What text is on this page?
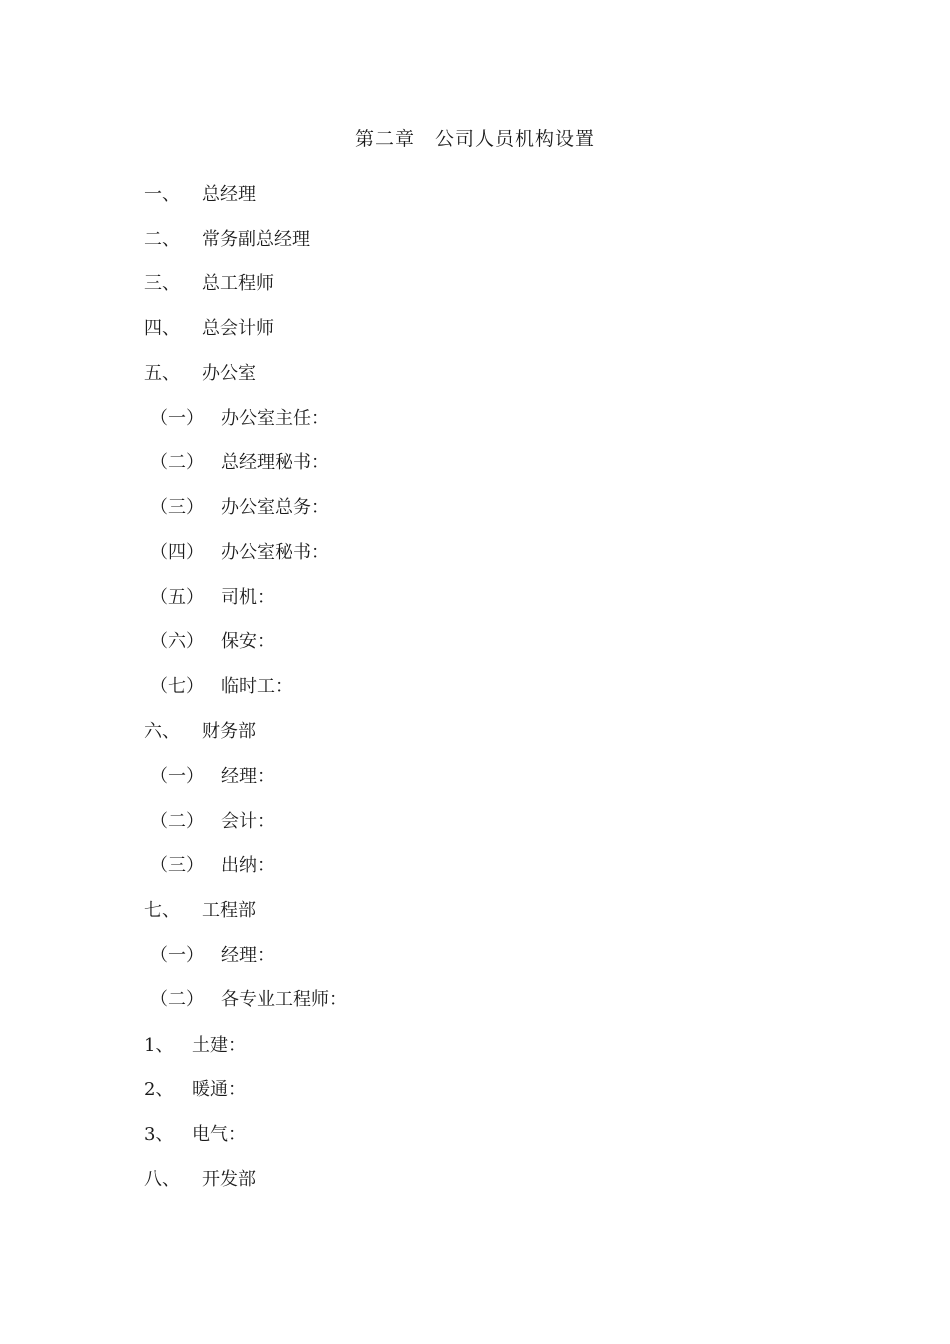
第二章　公司人员机构设置
一、 总经理
二、 常务副总经理
三、 总工程师
四、 总会计师
五、 办公室
（一） 办公室主任：
（二） 总经理秘书：
（三） 办公室总务：
（四） 办公室秘书：
（五） 司机：
（六） 保安：
（七） 临时工：
六、 财务部
（一） 经理：
（二） 会计：
（三） 出纳：
七、 工程部
（一） 经理：
（二） 各专业工程师：
1、 土建：
2、 暖通：
3、 电气：
八、 开发部
